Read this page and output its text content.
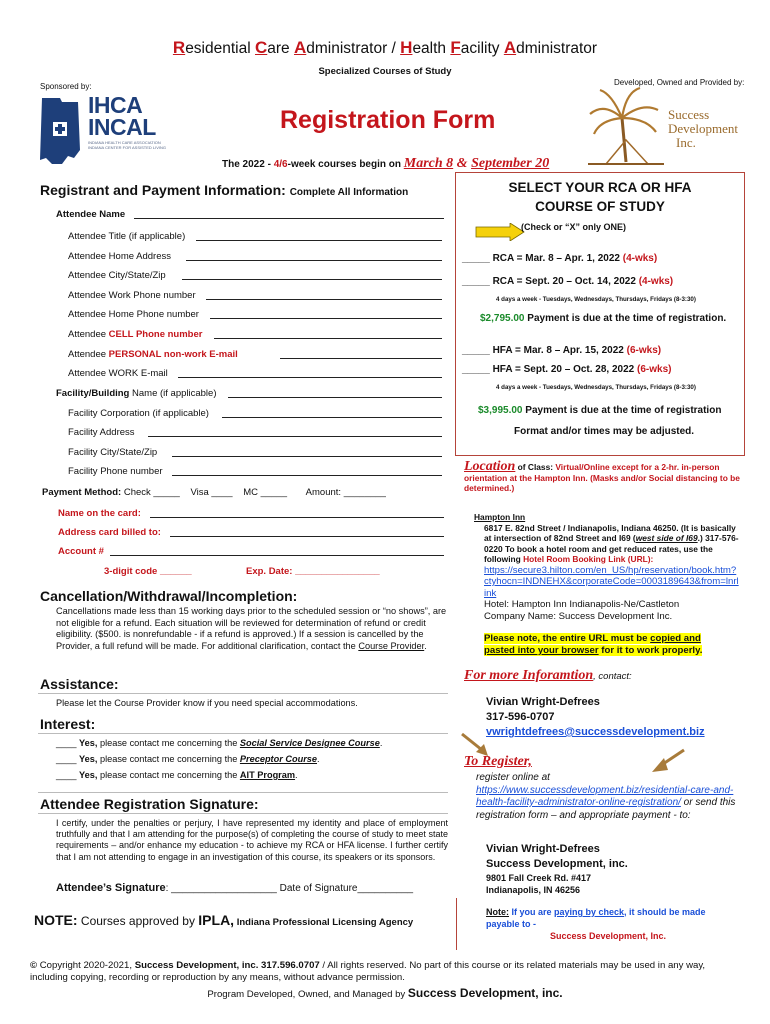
Residential Care Administrator / Health Facility Administrator
Specialized Courses of Study
Sponsored by:	Developed, Owned and Provided by:
IHCA
INCAL
INDIANA HEALTH CARE ASSOCIATION INDIANA CENTER FOR ASSISTED LIVING
Registration Form	Success
Development
Inc.
The 2022 - 4/6-week courses begin on March 8 & September 20
Registrant and Payment Information: Complete All Information
Attendee Name
Attendee Title (if applicable)
Attendee Home Address
Attendee City/State/Zip
Attendee Work Phone number
Attendee Home Phone number
Attendee CELL Phone number
Attendee PERSONAL non-work E-mail
Attendee WORK E-mail
Facility/Building Name (if applicable)
Facility Corporation (if applicable)
Facility Address
Facility City/State/Zip
Facility Phone number
Payment Method: Check _____ Visa ____ MC _____ Amount: ________
Name on the card:
Address card billed to:
Account #
3-digit code ______	Exp. Date: ________________
Cancellation/Withdrawal/Incompletion:
Cancellations made less than 15 working days prior to the scheduled session or “no shows”, are not eligible for a refund. Each situation will be reviewed for determination of refund or credit eligibility. ($500. is nonrefundable - if a refund is approved.) If a session is cancelled by the Provider, a full refund will be made. For additional clarification, contact the Course Provider.
Assistance:
Please let the Course Provider know if you need special accommodations.
Interest:
____ Yes, please contact me concerning the Social Service Designee Course.
____ Yes, please contact me concerning the Preceptor Course.
____ Yes, please contact me concerning the AIT Program.
Attendee Registration Signature:
I certify, under the penalties or perjury, I have represented my identity and place of employment truthfully and that I am attending for the purpose(s) of completing the course of study to meet state requirements – and/or enhance my education - to achieve my RCA or HFA license. I further certify that I am not attending to engage in an investigation of this course, its speakers or its sponsors.
Attendee’s Signature: ___________________ Date of Signature__________
NOTE: Courses approved by IPLA, Indiana Professional Licensing Agency
SELECT YOUR RCA OR HFA
COURSE OF STUDY
(Check or “X” only ONE)
_____ RCA = Mar. 8 – Apr. 1, 2022 (4-wks)
_____ RCA = Sept. 20 – Oct. 14, 2022 (4-wks)
4 days a week - Tuesdays, Wednesdays, Thursdays, Fridays (8-3:30)
$2,795.00 Payment is due at the time of registration.
_____ HFA = Mar. 8 – Apr. 15, 2022 (6-wks)
_____ HFA = Sept. 20 – Oct. 28, 2022 (6-wks)
4 days a week - Tuesdays, Wednesdays, Thursdays, Fridays (8-3:30)
$3,995.00 Payment is due at the time of registration
Format and/or times may be adjusted.
Location of Class: Virtual/Online except for a 2-hr. in-person orientation at the Hampton Inn. (Masks and/or Social distancing to be determined.)
Hampton Inn
6817 E. 82nd Street / Indianapolis, Indiana 46250. (It is basically at intersection of 82nd Street and I69 (west side of I69.) 317-576-0220 To book a hotel room and get reduced rates, use the following Hotel Room Booking Link (URL):
https://secure3.hilton.com/en_US/hp/reservation/book.htm?ctyhocn=INDNEHX&corporateCode=0003189643&from=lnrlink
Hotel: Hampton Inn Indianapolis-Ne/Castleton
Company Name: Success Development Inc.
Please note, the entire URL must be copied and pasted into your browser for it to work properly.
For more Inforamtion, contact:
Vivian Wright-Defrees
317-596-0707
vwrightdefrees@successdevelopment.biz
To Register,
register online at
https://www.successdevelopment.biz/residential-care-and-health-facility-administrator-online-registration/ or send this registration form – and appropriate payment - to:
Vivian Wright-Defrees
Success Development, inc.
9801 Fall Creek Rd. #417
Indianapolis, IN 46256
Note: If you are paying by check, it should be made payable to -
Success Development, Inc.
© Copyright 2020-2021, Success Development, inc. 317.596.0707 / All rights reserved. No part of this course or its related materials may be used in any way, including copying, recording or reproduction by any means, without advance permission.
Program Developed, Owned, and Managed by Success Development, inc.
